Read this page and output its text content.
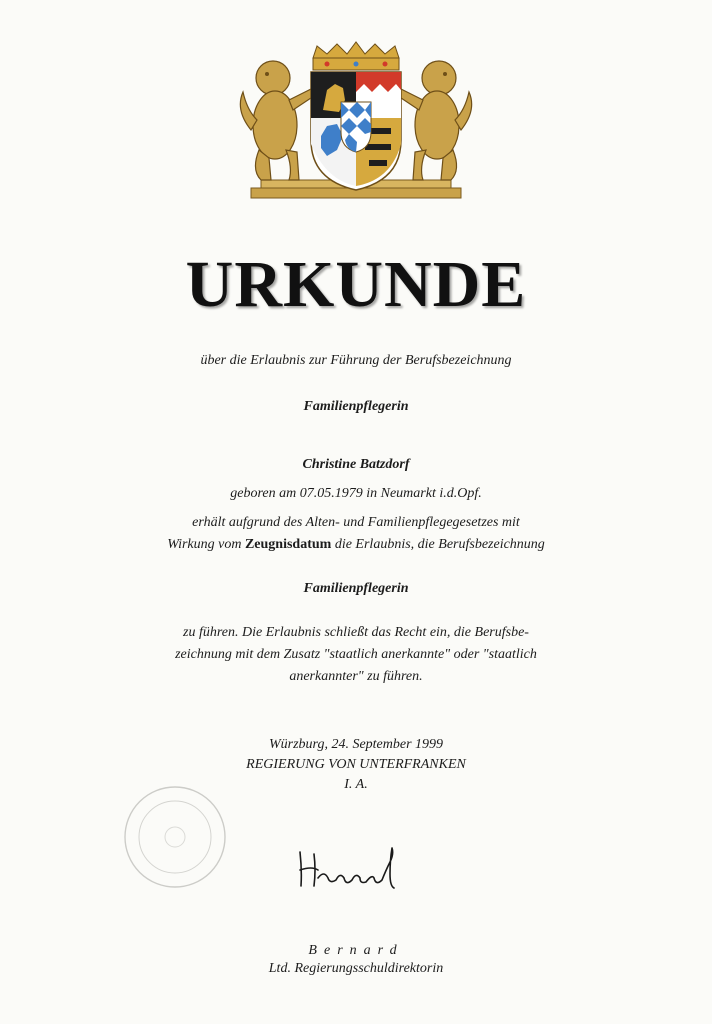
URKUNDE
über die Erlaubnis zur Führung der Berufsbezeichnung
Familienpflegerin
Christine Batzdorf
geboren am 07.05.1979 in Neumarkt i.d.Opf.
erhält aufgrund des Alten- und Familienpflegegesetzes mit
Wirkung vom Zeugnisdatum die Erlaubnis, die Berufsbezeichnung
Familienpflegerin
zu führen. Die Erlaubnis schließt das Recht ein, die Berufsbe-
zeichnung mit dem Zusatz "staatlich anerkannte" oder "staatlich
anerkannter" zu führen.
Würzburg, 24. September 1999
REGIERUNG VON UNTERFRANKEN
I. A.
Bernard
Ltd. Regierungsschuldirektorin
